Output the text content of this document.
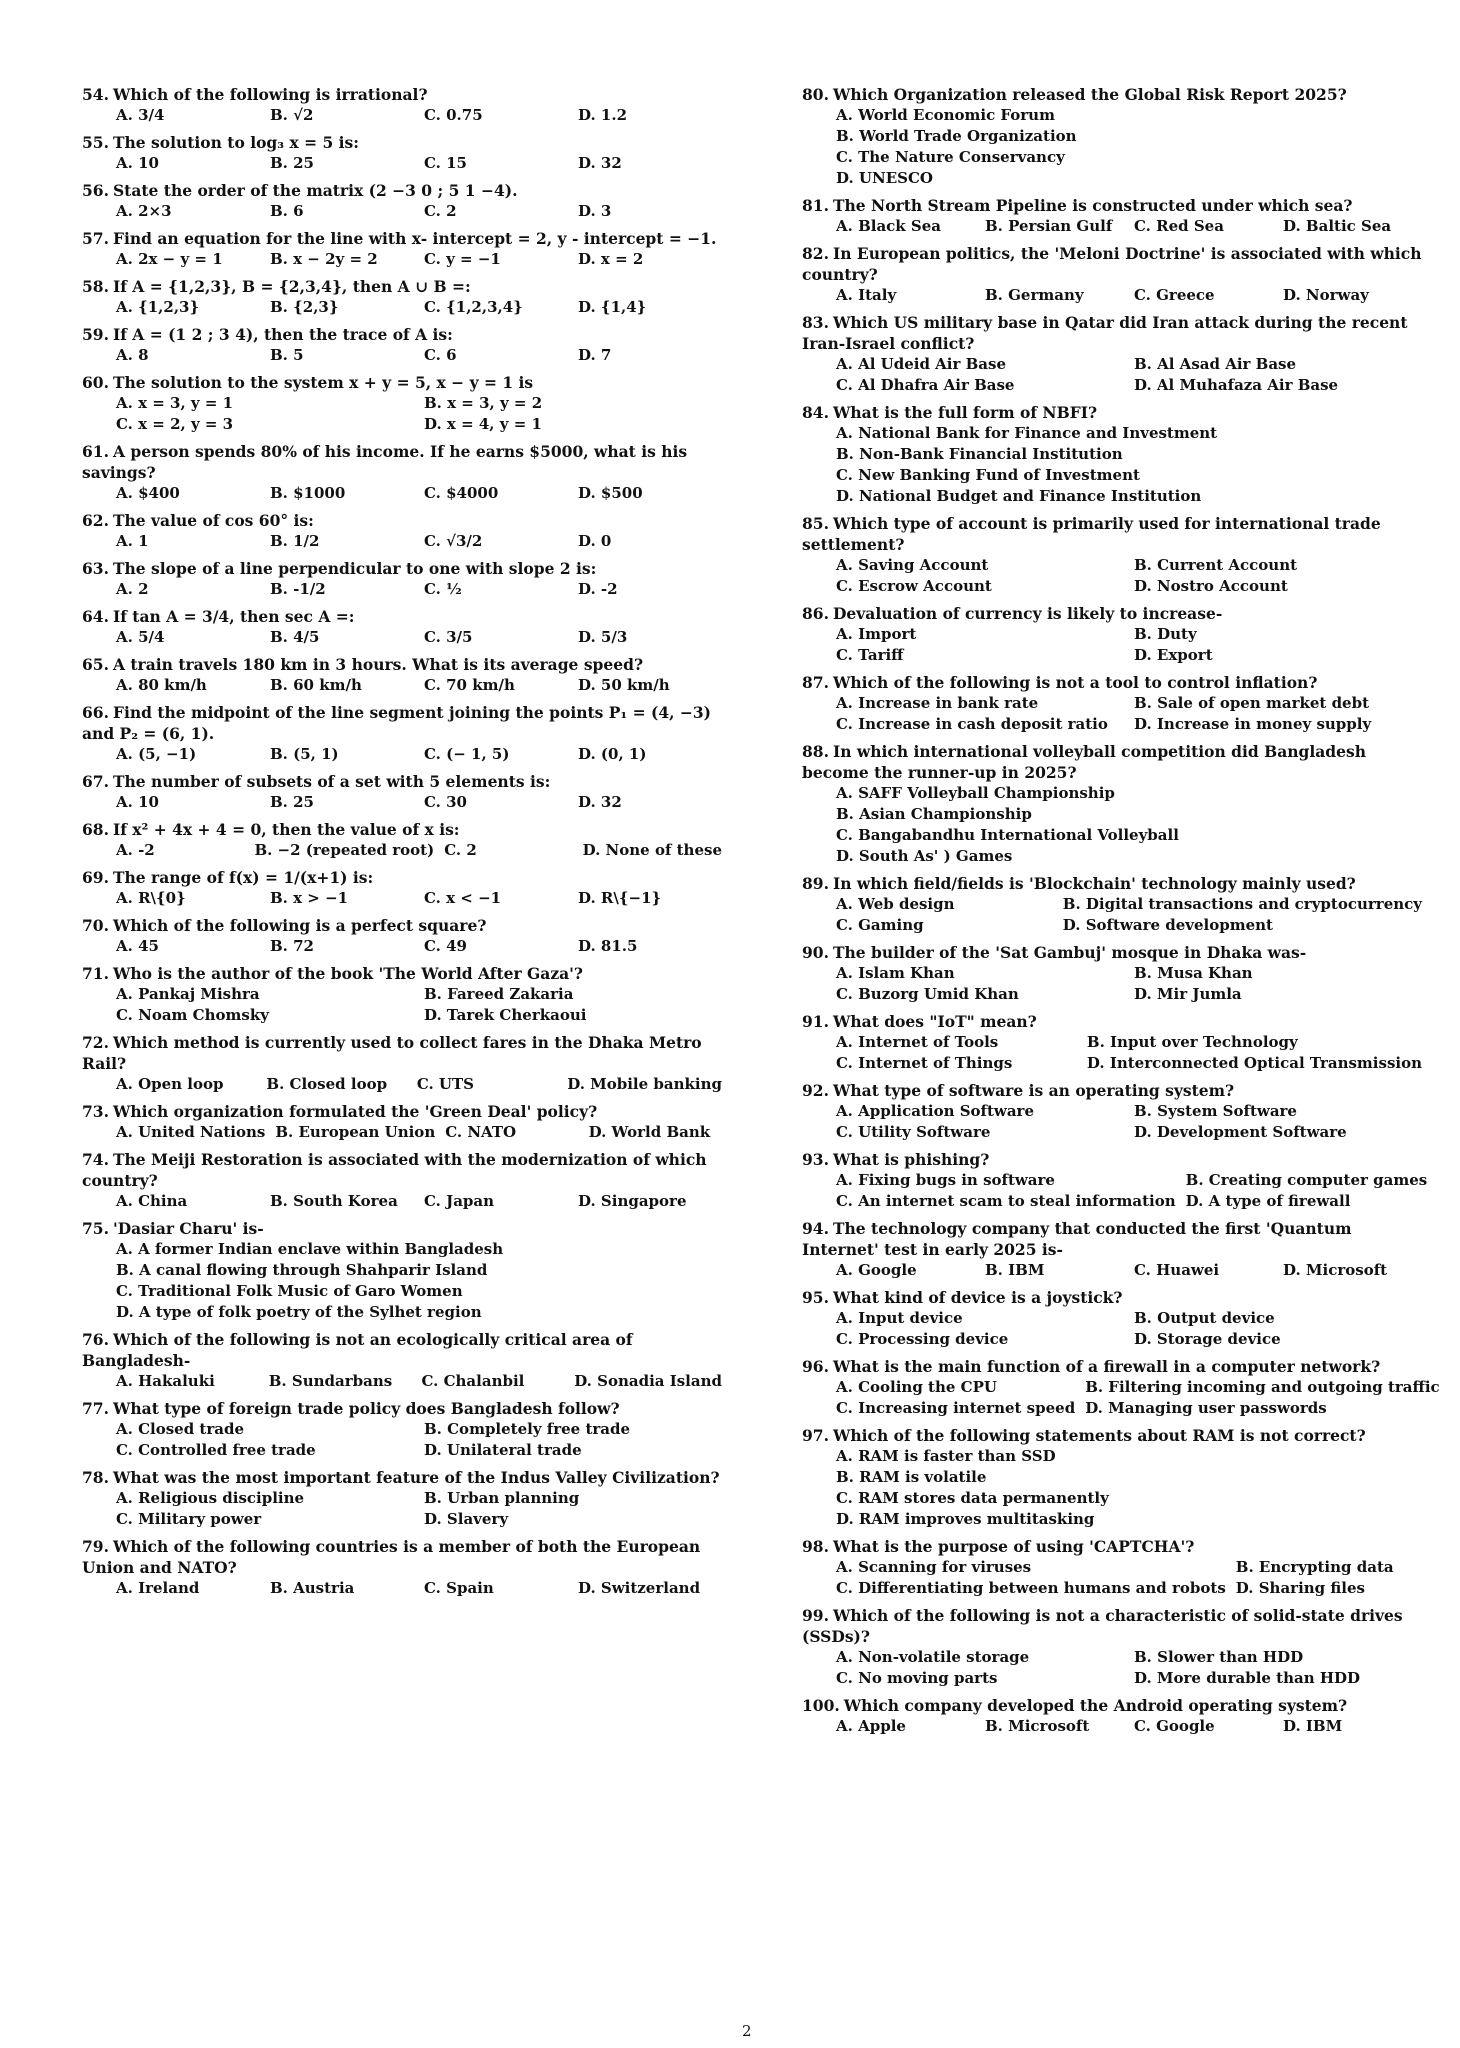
54. Which of the following is irrational?
A. 3/4	B. √2	C. 0.75	D. 1.2
55. The solution to log₃ x = 5 is:
A. 10	B. 25	C. 15	D. 32
56. State the order of the matrix (2 −3 0 ; 5 1 −4).
A. 2×3	B. 6	C. 2	D. 3
57. Find an equation for the line with x- intercept = 2, y - intercept = −1.
A. 2x − y = 1	B. x − 2y = 2	C. y = −1	D. x = 2
58. If A = {1,2,3}, B = {2,3,4}, then A ∪ B =:
A. {1,2,3}	B. {2,3}	C. {1,2,3,4}	D. {1,4}
59. If A = (1 2 ; 3 4), then the trace of A is:
A. 8	B. 5	C. 6	D. 7
60. The solution to the system x + y = 5, x − y = 1 is
A. x = 3, y = 1	B. x = 3, y = 2
C. x = 2, y = 3	D. x = 4, y = 1
61. A person spends 80% of his income. If he earns $5000, what is his savings?
A. $400	B. $1000	C. $4000	D. $500
62. The value of cos 60° is:
A. 1	B. 1/2	C. √3/2	D. 0
63. The slope of a line perpendicular to one with slope 2 is:
A. 2	B. -1/2	C. ½	D. -2
64. If tan A = 3/4, then sec A =:
A. 5/4	B. 4/5	C. 3/5	D. 5/3
65. A train travels 180 km in 3 hours. What is its average speed?
A. 80 km/h	B. 60 km/h	C. 70 km/h	D. 50 km/h
66. Find the midpoint of the line segment joining the points P₁ = (4, −3) and P₂ = (6, 1).
A. (5, −1)	B. (5, 1)	C. (− 1, 5)	D. (0, 1)
67. The number of subsets of a set with 5 elements is:
A. 10	B. 25	C. 30	D. 32
68. If x² + 4x + 4 = 0, then the value of x is:
A. -2	B. −2 (repeated root) C. 2	D. None of these
69. The range of f(x) = 1/(x+1) is:
A. R\{0}	B. x > −1	C. x < −1	D. R\{−1}
70. Which of the following is a perfect square?
A. 45	B. 72	C. 49	D. 81.5
71. Who is the author of the book 'The World After Gaza'?
A. Pankaj Mishra	B. Fareed Zakaria
C. Noam Chomsky	D. Tarek Cherkaoui
72. Which method is currently used to collect fares in the Dhaka Metro Rail?
A. Open loop	B. Closed loop	C. UTS	D. Mobile banking
73. Which organization formulated the 'Green Deal' policy?
A. United Nations B. European Union C. NATO	D. World Bank
74. The Meiji Restoration is associated with the modernization of which country?
A. China	B. South Korea	C. Japan	D. Singapore
75. 'Dasiar Charu' is-
A. A former Indian enclave within Bangladesh
B. A canal flowing through Shahparir Island
C. Traditional Folk Music of Garo Women
D. A type of folk poetry of the Sylhet region
76. Which of the following is not an ecologically critical area of Bangladesh-
A. Hakaluki	B. Sundarbans	C. Chalanbil	D. Sonadia Island
77. What type of foreign trade policy does Bangladesh follow?
A. Closed trade	B. Completely free trade
C. Controlled free trade	D. Unilateral trade
78. What was the most important feature of the Indus Valley Civilization?
A. Religious discipline	B. Urban planning
C. Military power	D. Slavery
79. Which of the following countries is a member of both the European Union and NATO?
A. Ireland	B. Austria	C. Spain	D. Switzerland
80. Which Organization released the Global Risk Report 2025?
A. World Economic Forum
B. World Trade Organization
C. The Nature Conservancy
D. UNESCO
81. The North Stream Pipeline is constructed under which sea?
A. Black Sea	B. Persian Gulf	C. Red Sea	D. Baltic Sea
82. In European politics, the 'Meloni Doctrine' is associated with which country?
A. Italy	B. Germany	C. Greece	D. Norway
83. Which US military base in Qatar did Iran attack during the recent Iran-Israel conflict?
A. Al Udeid Air Base	B. Al Asad Air Base
C. Al Dhafra Air Base	D. Al Muhafaza Air Base
84. What is the full form of NBFI?
A. National Bank for Finance and Investment
B. Non-Bank Financial Institution
C. New Banking Fund of Investment
D. National Budget and Finance Institution
85. Which type of account is primarily used for international trade settlement?
A. Saving Account	B. Current Account
C. Escrow Account	D. Nostro Account
86. Devaluation of currency is likely to increase-
A. Import	B. Duty
C. Tariff	D. Export
87. Which of the following is not a tool to control inflation?
A. Increase in bank rate	B. Sale of open market debt
C. Increase in cash deposit ratio	D. Increase in money supply
88. In which international volleyball competition did Bangladesh become the runner-up in 2025?
A. SAFF Volleyball Championship
B. Asian Championship
C. Bangabandhu International Volleyball
D. South As' ) Games
89. In which field/fields is 'Blockchain' technology mainly used?
A. Web design	B. Digital transactions and cryptocurrency
C. Gaming	D. Software development
90. The builder of the 'Sat Gambuj' mosque in Dhaka was-
A. Islam Khan	B. Musa Khan
C. Buzorg Umid Khan	D. Mir Jumla
91. What does "IoT" mean?
A. Internet of Tools	B. Input over Technology
C. Internet of Things	D. Interconnected Optical Transmission
92. What type of software is an operating system?
A. Application Software	B. System Software
C. Utility Software	D. Development Software
93. What is phishing?
A. Fixing bugs in software	B. Creating computer games
C. An internet scam to steal information D. A type of firewall
94. The technology company that conducted the first 'Quantum Internet' test in early 2025 is-
A. Google	B. IBM	C. Huawei	D. Microsoft
95. What kind of device is a joystick?
A. Input device	B. Output device
C. Processing device	D. Storage device
96. What is the main function of a firewall in a computer network?
A. Cooling the CPU	B. Filtering incoming and outgoing traffic
C. Increasing internet speed D. Managing user passwords
97. Which of the following statements about RAM is not correct?
A. RAM is faster than SSD
B. RAM is volatile
C. RAM stores data permanently
D. RAM improves multitasking
98. What is the purpose of using 'CAPTCHA'?
A. Scanning for viruses	B. Encrypting data
C. Differentiating between humans and robots D. Sharing files
99. Which of the following is not a characteristic of solid-state drives (SSDs)?
A. Non-volatile storage	B. Slower than HDD
C. No moving parts	D. More durable than HDD
100. Which company developed the Android operating system?
A. Apple	B. Microsoft	C. Google	D. IBM
2
